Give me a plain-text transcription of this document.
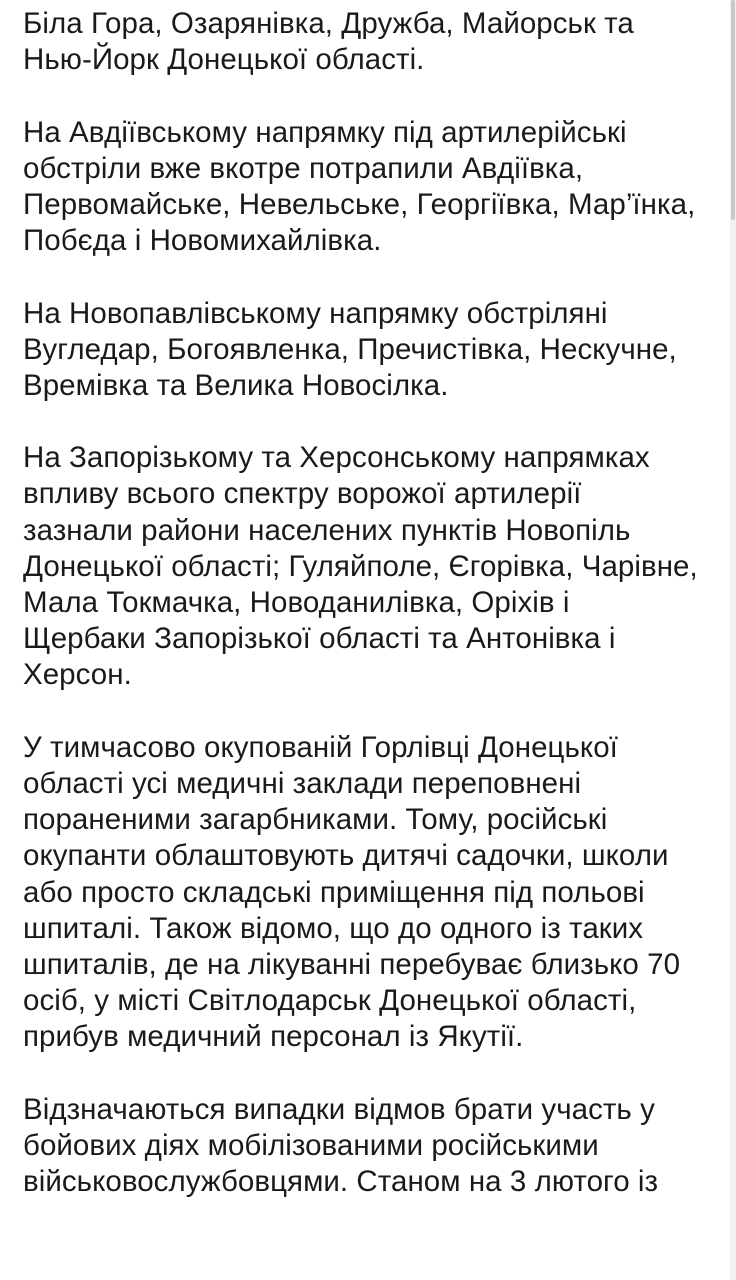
Біла Гора, Озарянівка, Дружба, Майорськ та
Нью-Йорк Донецької області.
На Авдіївському напрямку під артилерійські
обстріли вже вкотре потрапили Авдіївка,
Первомайське, Невельське, Георгіївка, Мар’їнка,
Побєда і Новомихайлівка.
На Новопавлівському напрямку обстріляні
Вугледар, Богоявленка, Пречистівка, Нескучне,
Времівка та Велика Новосілка.
На Запорізькому та Херсонському напрямках
впливу всього спектру ворожої артилерії
зазнали райони населених пунктів Новопіль
Донецької області; Гуляйполе, Єгорівка, Чарівне,
Мала Токмачка, Новоданилівка, Оріхів і
Щербаки Запорізької області та Антонівка і
Херсон.
У тимчасово окупованій Горлівці Донецької
області усі медичні заклади переповнені
пораненими загарбниками. Тому, російські
окупанти облаштовують дитячі садочки, школи
або просто складські приміщення під польові
шпиталі. Також відомо, що до одного із таких
шпиталів, де на лікуванні перебуває близько 70
осіб, у місті Світлодарськ Донецької області,
прибув медичний персонал із Якутії.
Відзначаються випадки відмов брати участь у
бойових діях мобілізованими російськими
військовослужбовцями. Станом на 3 лютого із
